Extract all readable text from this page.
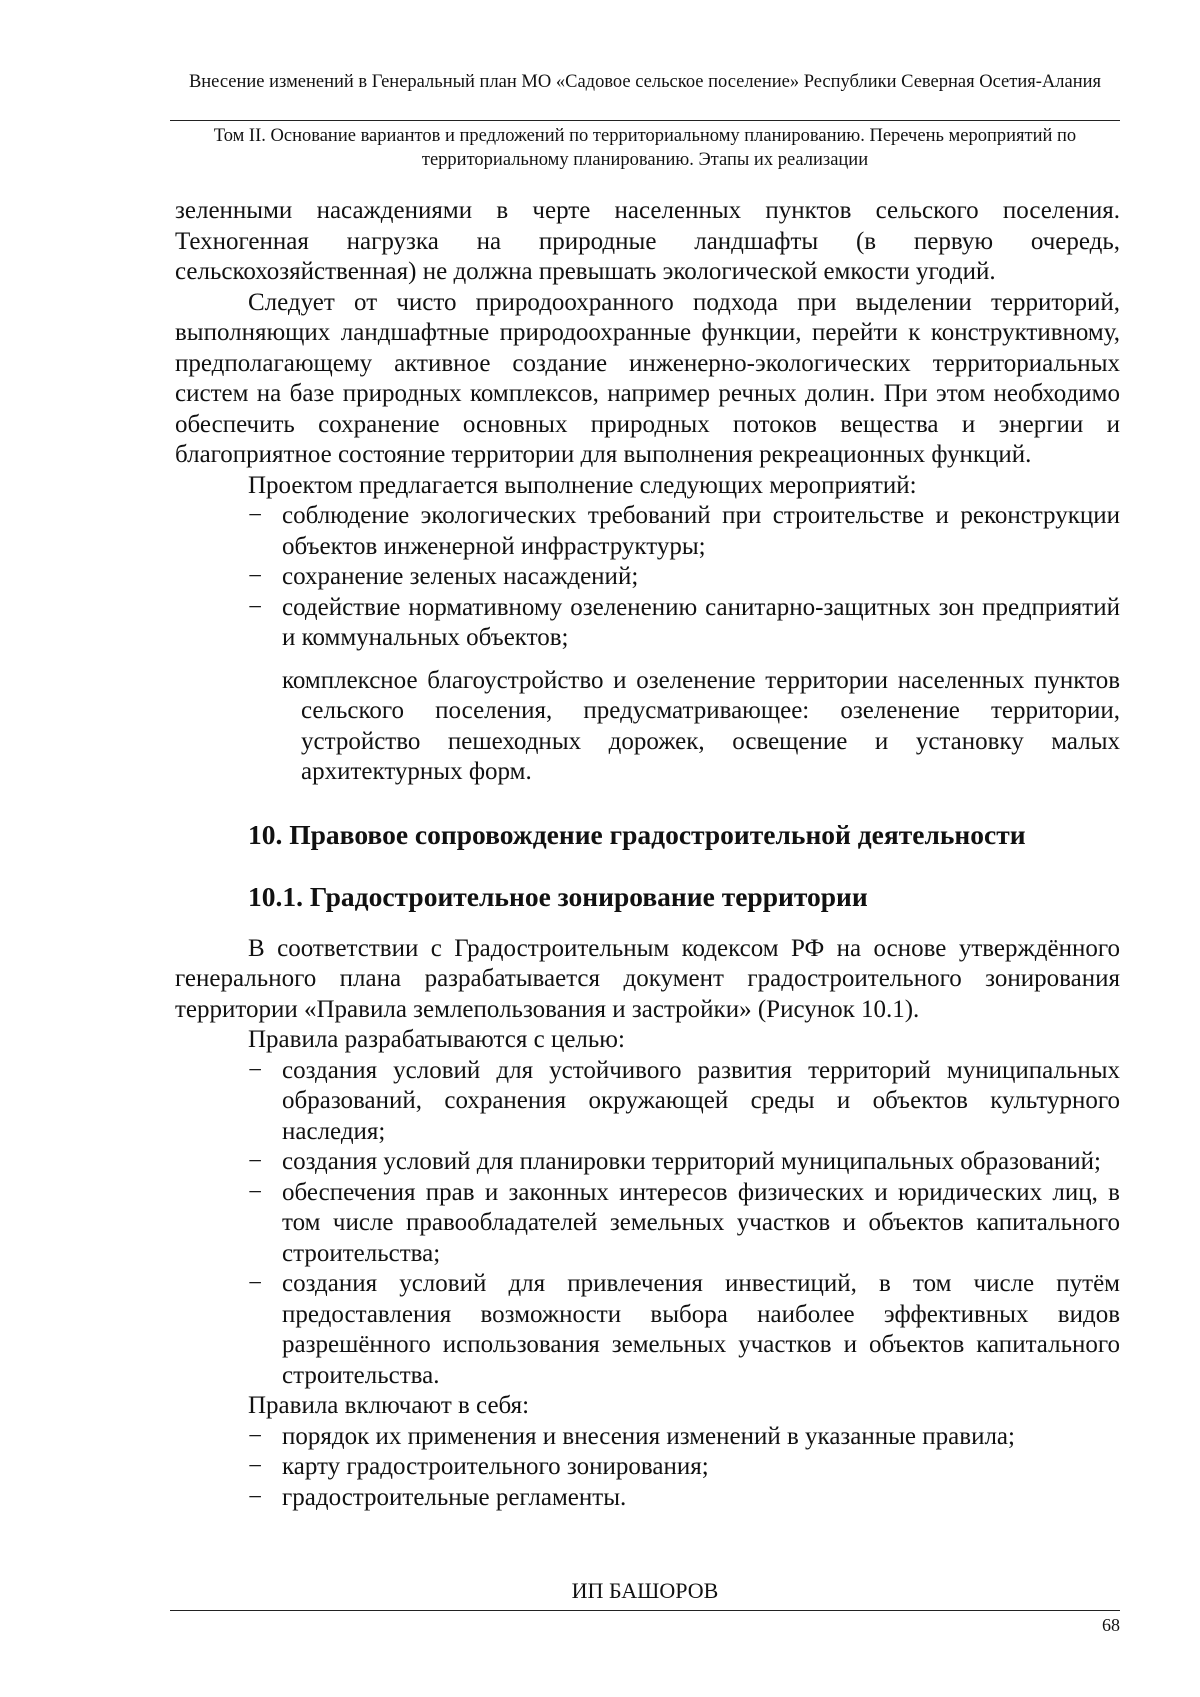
Внесение изменений в Генеральный план МО «Садовое сельское поселение» Республики Северная Осетия-Алания
Том II. Основание вариантов и предложений по территориальному планированию. Перечень мероприятий по территориальному планированию. Этапы их реализации

зеленными насаждениями в черте населенных пунктов сельского поселения. Техногенная нагрузка на природные ландшафты (в первую очередь, сельскохозяйственная) не должна превышать экологической емкости угодий.

Следует от чисто природоохранного подхода при выделении территорий, выполняющих ландшафтные природоохранные функции, перейти к конструктивному, предполагающему активное создание инженерно-экологических территориальных систем на базе природных комплексов, например речных долин. При этом необходимо обеспечить сохранение основных природных потоков вещества и энергии и благоприятное состояние территории для выполнения рекреационных функций.

Проектом предлагается выполнение следующих мероприятий:

− соблюдение экологических требований при строительстве и реконструкции объектов инженерной инфраструктуры;

− сохранение зеленых насаждений;

− содействие нормативному озеленению санитарно-защитных зон предприятий и коммунальных объектов;

комплексное благоустройство и озеленение территории населенных пунктов сельского поселения, предусматривающее: озеленение территории, устройство пешеходных дорожек, освещение и установку малых архитектурных форм.

10. Правовое сопровождение градостроительной деятельности
10.1. Градостроительное зонирование территории

В соответствии с Градостроительным кодексом РФ на основе утверждённого генерального плана разрабатывается документ градостроительного зонирования территории «Правила землепользования и застройки» (Рисунок 10.1).

Правила разрабатываются с целью:

− создания условий для устойчивого развития территорий муниципальных образований, сохранения окружающей среды и объектов культурного наследия;

− создания условий для планировки территорий муниципальных образований;

− обеспечения прав и законных интересов физических и юридических лиц, в том числе правообладателей земельных участков и объектов капитального строительства;

− создания условий для привлечения инвестиций, в том числе путём предоставления возможности выбора наиболее эффективных видов разрешённого использования земельных участков и объектов капитального строительства.

Правила включают в себя:

− порядок их применения и внесения изменений в указанные правила;

− карту градостроительного зонирования;

− градостроительные регламенты.

ИП БАШОРОВ
68
